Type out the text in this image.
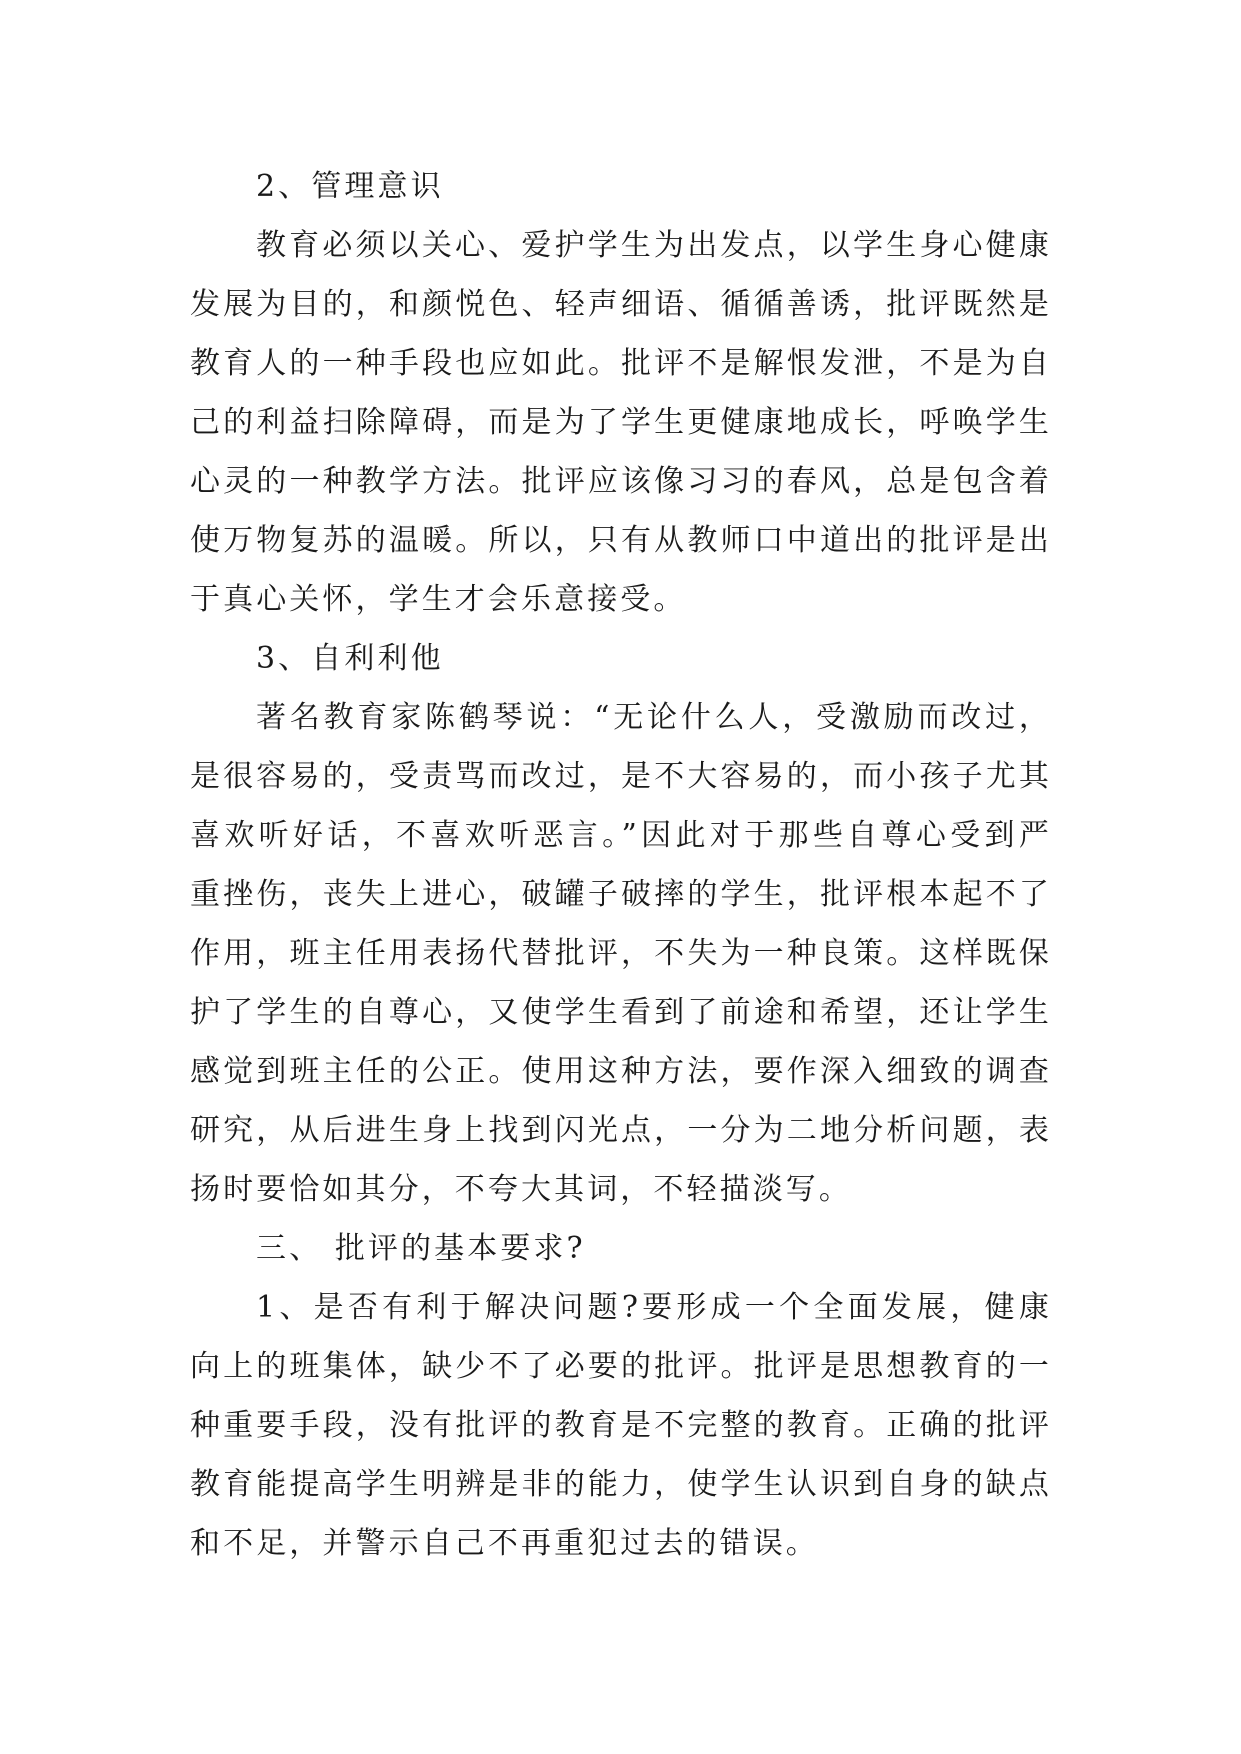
2、管理意识

教育必须以关心、爱护学生为出发点，以学生身心健康发展为目的，和颜悦色、轻声细语、循循善诱，批评既然是教育人的一种手段也应如此。批评不是解恨发泄，不是为自己的利益扫除障碍，而是为了学生更健康地成长，呼唤学生心灵的一种教学方法。批评应该像习习的春风，总是包含着使万物复苏的温暖。所以，只有从教师口中道出的批评是出于真心关怀，学生才会乐意接受。

3、自利利他

著名教育家陈鹤琴说：“无论什么人，受激励而改过，是很容易的，受责骂而改过，是不大容易的，而小孩子尤其喜欢听好话，不喜欢听恶言。”因此对于那些自尊心受到严重挫伤，丧失上进心，破罐子破摔的学生，批评根本起不了作用，班主任用表扬代替批评，不失为一种良策。这样既保护了学生的自尊心，又使学生看到了前途和希望，还让学生感觉到班主任的公正。使用这种方法，要作深入细致的调查研究，从后进生身上找到闪光点，一分为二地分析问题，表扬时要恰如其分，不夸大其词，不轻描淡写。

三、 批评的基本要求?

1、是否有利于解决问题?要形成一个全面发展，健康向上的班集体，缺少不了必要的批评。批评是思想教育的一种重要手段，没有批评的教育是不完整的教育。正确的批评教育能提高学生明辨是非的能力，使学生认识到自身的缺点和不足，并警示自己不再重犯过去的错误。
